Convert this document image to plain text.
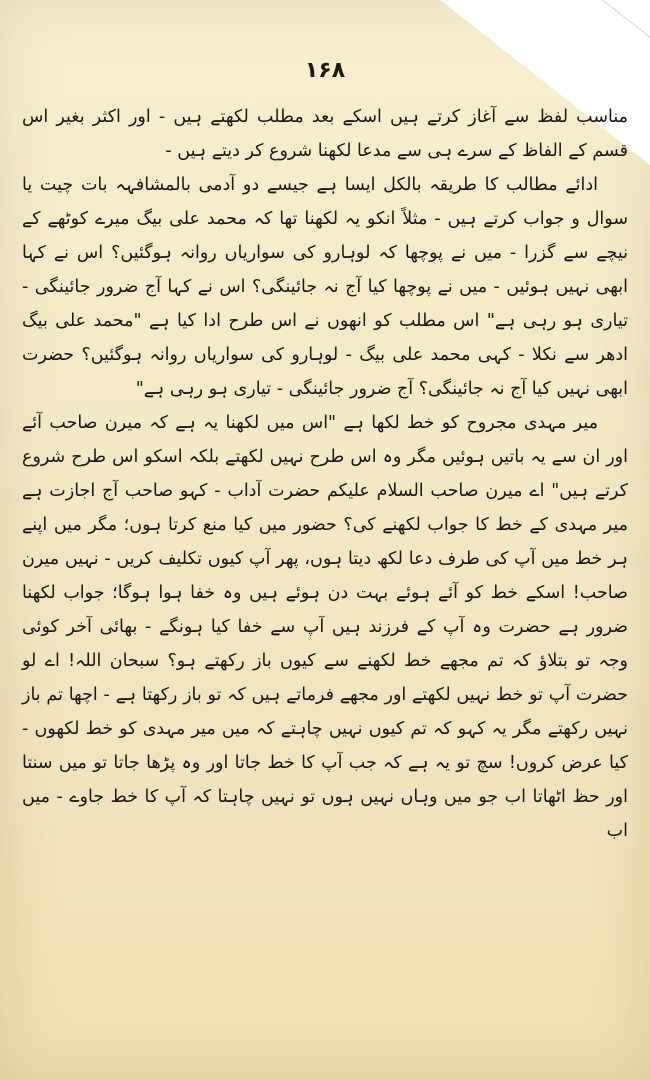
۱۶۸

مناسب لفظ سے آغاز کرتے ہیں اسکے بعد مطلب لکھتے ہیں - اور اکثر بغیر اس قسم کے الفاظ کے سرے ہی سے مدعا لکھنا شروع کر دیتے ہیں -

ادائے مطالب کا طریقہ بالکل ایسا ہے جیسے دو آدمی بالمشافہہ بات چیت یا سوال و جواب کرتے ہیں - مثلاً انکو یہ لکھنا تھا کہ محمد علی بیگ میرے کوٹھے کے نیچے سے گزرا - میں نے پوچھا کہ لوہارو کی سواریاں روانہ ہوگئیں؟ اس نے کہا ابھی نہیں ہوئیں - میں نے پوچھا کیا آج نہ جائینگی؟ اس نے کہا آج ضرور جائینگی - تیاری ہو رہی ہے" اس مطلب کو انھوں نے اس طرح ادا کیا ہے "محمد علی بیگ ادھر سے نکلا - کہی محمد علی بیگ - لوہارو کی سواریاں روانہ ہوگئیں؟ حضرت ابھی نہیں کیا آج نہ جائینگی؟ آج ضرور جائینگی - تیاری ہو رہی ہے"

میر مہدی مجروح کو خط لکھا ہے "اس میں لکھنا یہ ہے کہ میرن صاحب آئے اور ان سے یہ باتیں ہوئیں مگر وہ اس طرح نہیں لکھتے بلکہ اسکو اس طرح شروع کرتے ہیں" اے میرن صاحب السلام علیکم حضرت آداب - کہو صاحب آج اجازت ہے میر مہدی کے خط کا جواب لکھنے کی؟ حضور میں کیا منع کرتا ہوں؛ مگر میں اپنے ہر خط میں آپ کی طرف دعا لکھ دیتا ہوں، پھر آپ کیوں تکلیف کریں - نہیں میرن صاحب! اسکے خط کو آئے ہوئے بہت دن ہوئے ہیں وہ خفا ہوا ہوگا؛ جواب لکھنا ضرور ہے حضرت وہ آپ کے فرزند ہیں آپ سے خفا کیا ہونگے - بھائی آخر کوئی وجہ تو بتلاؤ کہ تم مجھے خط لکھنے سے کیوں باز رکھتے ہو؟ سبحان اللہ! اے لو حضرت آپ تو خط نہیں لکھتے اور مجھے فرماتے ہیں کہ تو باز رکھتا ہے - اچھا تم باز نہیں رکھتے مگر یہ کہو کہ تم کیوں نہیں چاہتے کہ میں میر مہدی کو خط لکھوں - کیا عرض کروں! سچ تو یہ ہے کہ جب آپ کا خط جاتا اور وہ پڑھا جاتا تو میں سنتا اور حظ اٹھاتا اب جو میں وہاں نہیں ہوں تو نہیں چاہتا کہ آپ کا خط جاوے - میں اب
